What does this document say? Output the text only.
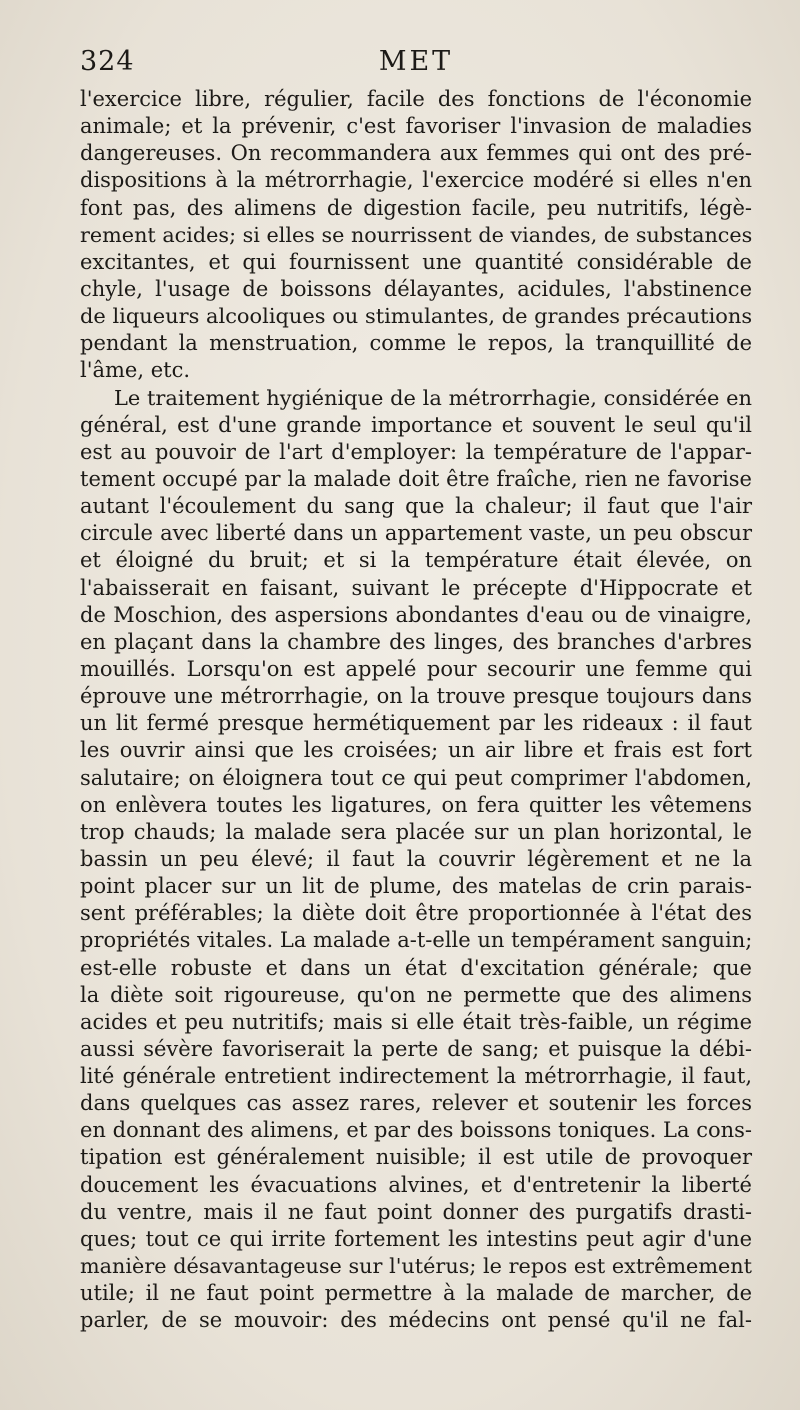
324	MET
l'exercice libre, régulier, facile des fonctions de l'économie
animale; et la prévenir, c'est favoriser l'invasion de maladies
dangereuses. On recommandera aux femmes qui ont des pré-
dispositions à la métrorrhagie, l'exercice modéré si elles n'en
font pas, des alimens de digestion facile, peu nutritifs, légè-
rement acides; si elles se nourrissent de viandes, de substances
excitantes, et qui fournissent une quantité considérable de
chyle, l'usage de boissons délayantes, acidules, l'abstinence
de liqueurs alcooliques ou stimulantes, de grandes précautions
pendant la menstruation, comme le repos, la tranquillité de
l'âme, etc.
Le traitement hygiénique de la métrorrhagie, considérée en
général, est d'une grande importance et souvent le seul qu'il
est au pouvoir de l'art d'employer: la température de l'appar-
tement occupé par la malade doit être fraîche, rien ne favorise
autant l'écoulement du sang que la chaleur; il faut que l'air
circule avec liberté dans un appartement vaste, un peu obscur
et éloigné du bruit; et si la température était élevée, on
l'abaisserait en faisant, suivant le précepte d'Hippocrate et
de Moschion, des aspersions abondantes d'eau ou de vinaigre,
en plaçant dans la chambre des linges, des branches d'arbres
mouillés. Lorsqu'on est appelé pour secourir une femme qui
éprouve une métrorrhagie, on la trouve presque toujours dans
un lit fermé presque hermétiquement par les rideaux : il faut
les ouvrir ainsi que les croisées; un air libre et frais est fort
salutaire; on éloignera tout ce qui peut comprimer l'abdomen,
on enlèvera toutes les ligatures, on fera quitter les vêtemens
trop chauds; la malade sera placée sur un plan horizontal, le
bassin un peu élevé; il faut la couvrir légèrement et ne la
point placer sur un lit de plume, des matelas de crin parais-
sent préférables; la diète doit être proportionnée à l'état des
propriétés vitales. La malade a-t-elle un tempérament sanguin;
est-elle robuste et dans un état d'excitation générale; que
la diète soit rigoureuse, qu'on ne permette que des alimens
acides et peu nutritifs; mais si elle était très-faible, un régime
aussi sévère favoriserait la perte de sang; et puisque la débi-
lité générale entretient indirectement la métrorrhagie, il faut,
dans quelques cas assez rares, relever et soutenir les forces
en donnant des alimens, et par des boissons toniques. La cons-
tipation est généralement nuisible; il est utile de provoquer
doucement les évacuations alvines, et d'entretenir la liberté
du ventre, mais il ne faut point donner des purgatifs drasti-
ques; tout ce qui irrite fortement les intestins peut agir d'une
manière désavantageuse sur l'utérus; le repos est extrêmement
utile; il ne faut point permettre à la malade de marcher, de
parler, de se mouvoir: des médecins ont pensé qu'il ne fal-
